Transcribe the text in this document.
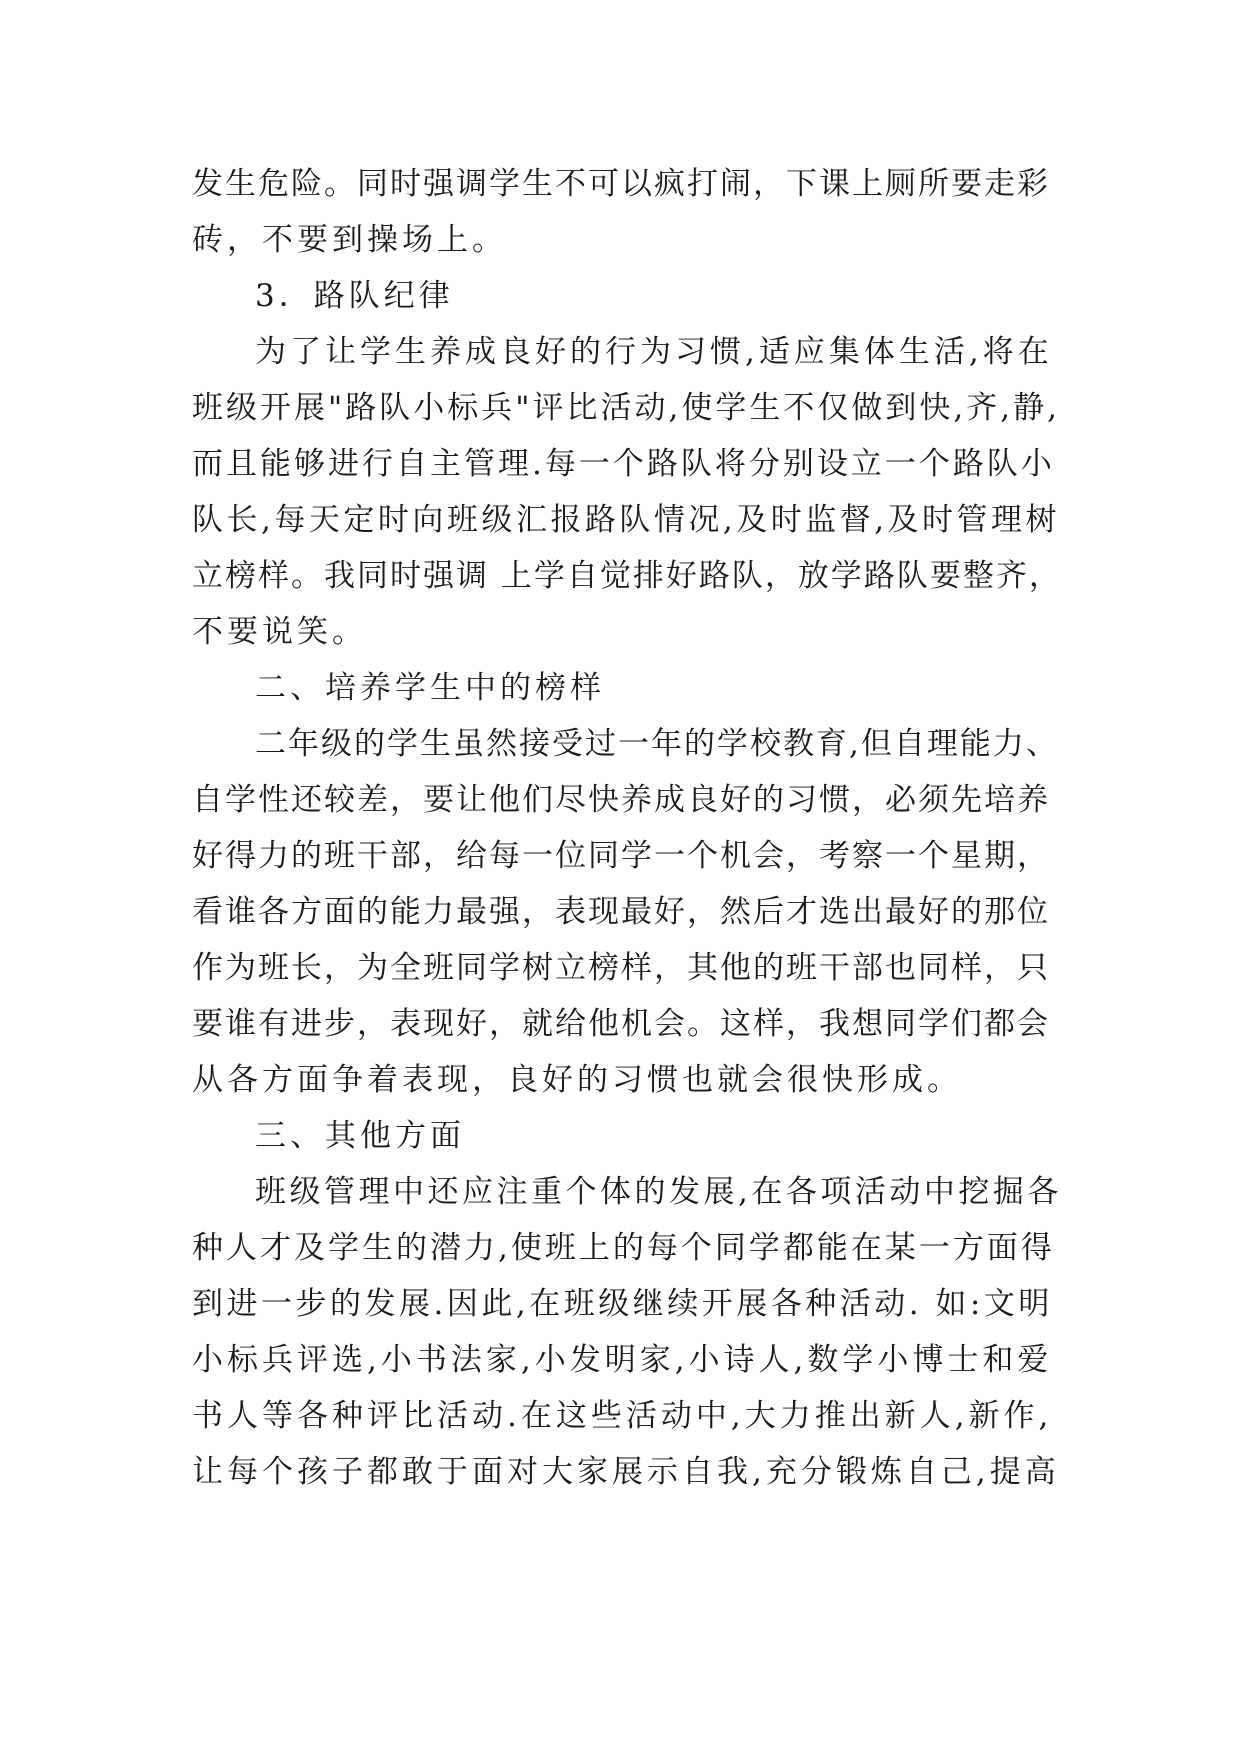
发生危险。同时强调学生不可以疯打闹，下课上厕所要走彩
砖，不要到操场上。
3．路队纪律
为了让学生养成良好的行为习惯,适应集体生活,将在
班级开展"路队小标兵"评比活动,使学生不仅做到快,齐,静,
而且能够进行自主管理.每一个路队将分别设立一个路队小
队长,每天定时向班级汇报路队情况,及时监督,及时管理树
立榜样。我同时强调 上学自觉排好路队，放学路队要整齐，
不要说笑。
二、培养学生中的榜样
二年级的学生虽然接受过一年的学校教育,但自理能力、
自学性还较差，要让他们尽快养成良好的习惯，必须先培养
好得力的班干部，给每一位同学一个机会，考察一个星期，
看谁各方面的能力最强，表现最好，然后才选出最好的那位
作为班长，为全班同学树立榜样，其他的班干部也同样，只
要谁有进步，表现好，就给他机会。这样，我想同学们都会
从各方面争着表现，良好的习惯也就会很快形成。
三、其他方面
班级管理中还应注重个体的发展,在各项活动中挖掘各
种人才及学生的潜力,使班上的每个同学都能在某一方面得
到进一步的发展.因此,在班级继续开展各种活动. 如:文明
小标兵评选,小书法家,小发明家,小诗人,数学小博士和爱
书人等各种评比活动.在这些活动中,大力推出新人,新作,
让每个孩子都敢于面对大家展示自我,充分锻炼自己,提高
